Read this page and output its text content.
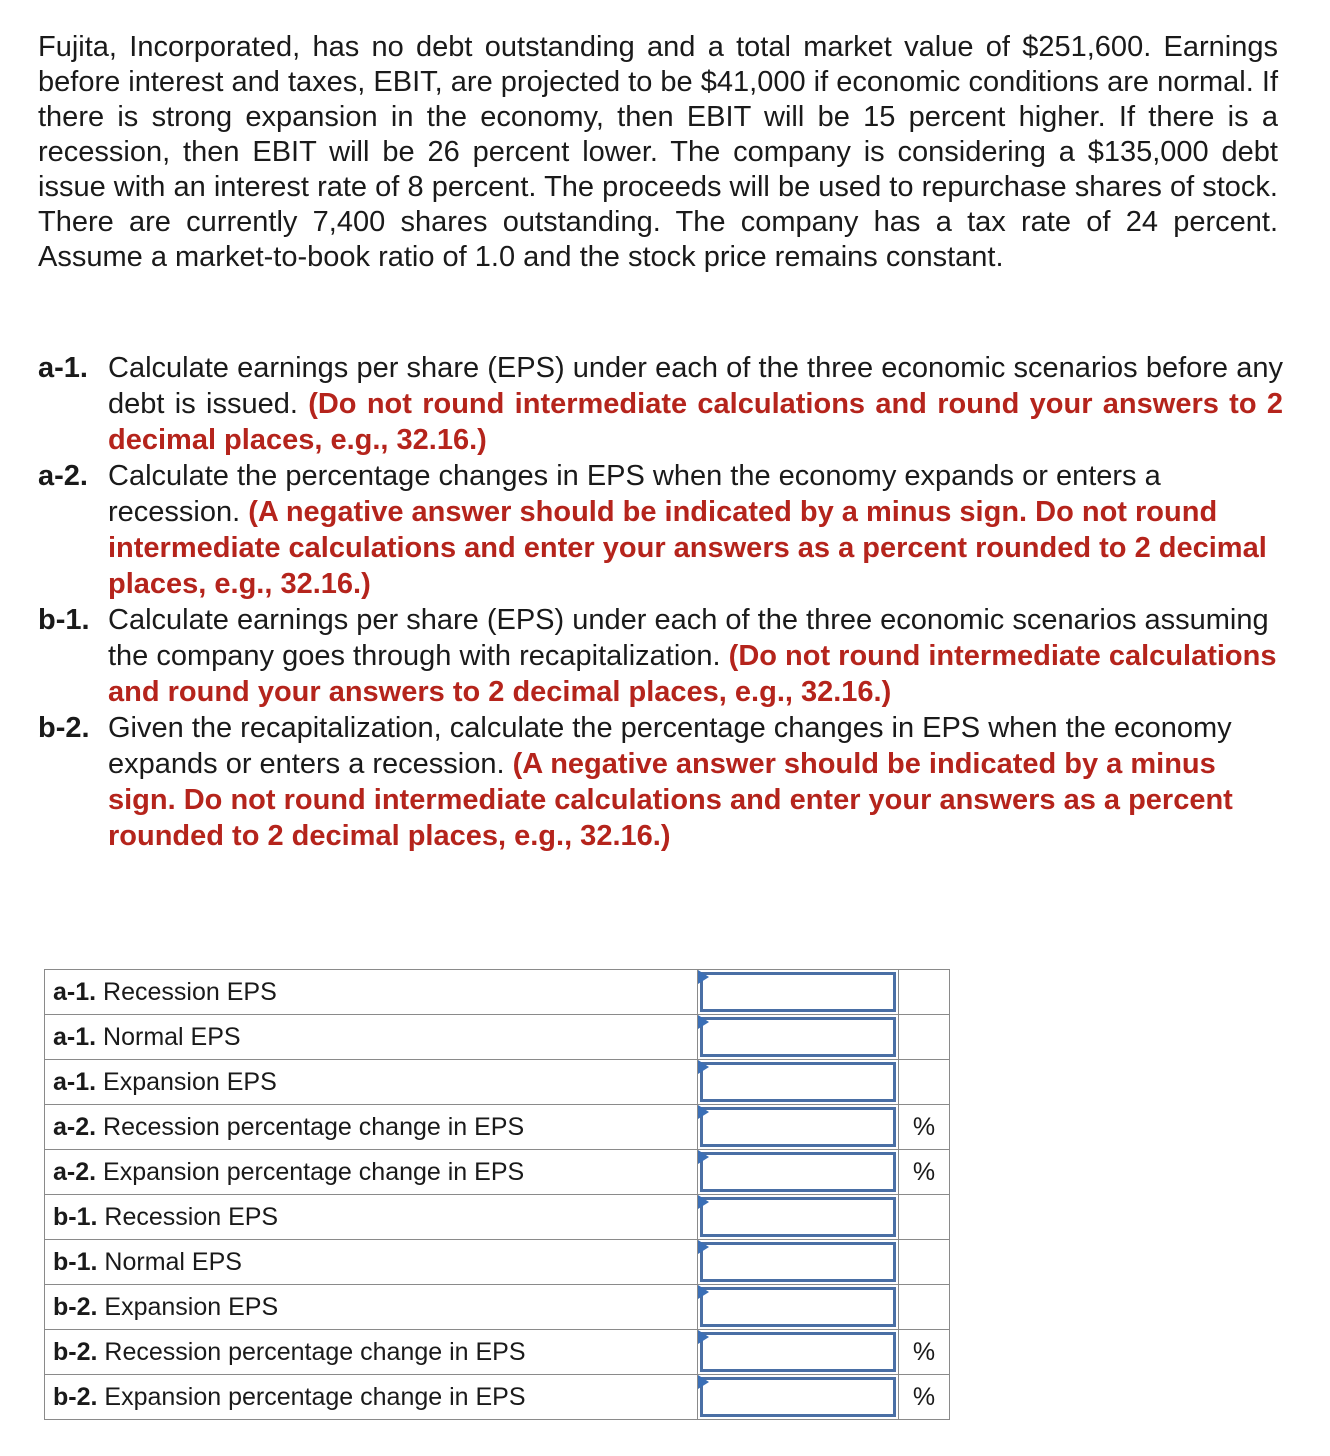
Fujita, Incorporated, has no debt outstanding and a total market value of $251,600. Earnings before interest and taxes, EBIT, are projected to be $41,000 if economic conditions are normal. If there is strong expansion in the economy, then EBIT will be 15 percent higher. If there is a recession, then EBIT will be 26 percent lower. The company is considering a $135,000 debt issue with an interest rate of 8 percent. The proceeds will be used to repurchase shares of stock. There are currently 7,400 shares outstanding. The company has a tax rate of 24 percent. Assume a market-to-book ratio of 1.0 and the stock price remains constant.

a-1. Calculate earnings per share (EPS) under each of the three economic scenarios before any debt is issued. (Do not round intermediate calculations and round your answers to 2 decimal places, e.g., 32.16.)
a-2. Calculate the percentage changes in EPS when the economy expands or enters a recession. (A negative answer should be indicated by a minus sign. Do not round intermediate calculations and enter your answers as a percent rounded to 2 decimal places, e.g., 32.16.)
b-1. Calculate earnings per share (EPS) under each of the three economic scenarios assuming the company goes through with recapitalization. (Do not round intermediate calculations and round your answers to 2 decimal places, e.g., 32.16.)
b-2. Given the recapitalization, calculate the percentage changes in EPS when the economy expands or enters a recession. (A negative answer should be indicated by a minus sign. Do not round intermediate calculations and enter your answers as a percent rounded to 2 decimal places, e.g., 32.16.)
a-1. Recession EPS	

a-1. Normal EPS	

a-1. Expansion EPS	

a-2. Recession percentage change in EPS		%
a-2. Expansion percentage change in EPS		%
b-1. Recession EPS	

b-1. Normal EPS	

b-2. Expansion EPS	

b-2. Recession percentage change in EPS		%
b-2. Expansion percentage change in EPS		%
